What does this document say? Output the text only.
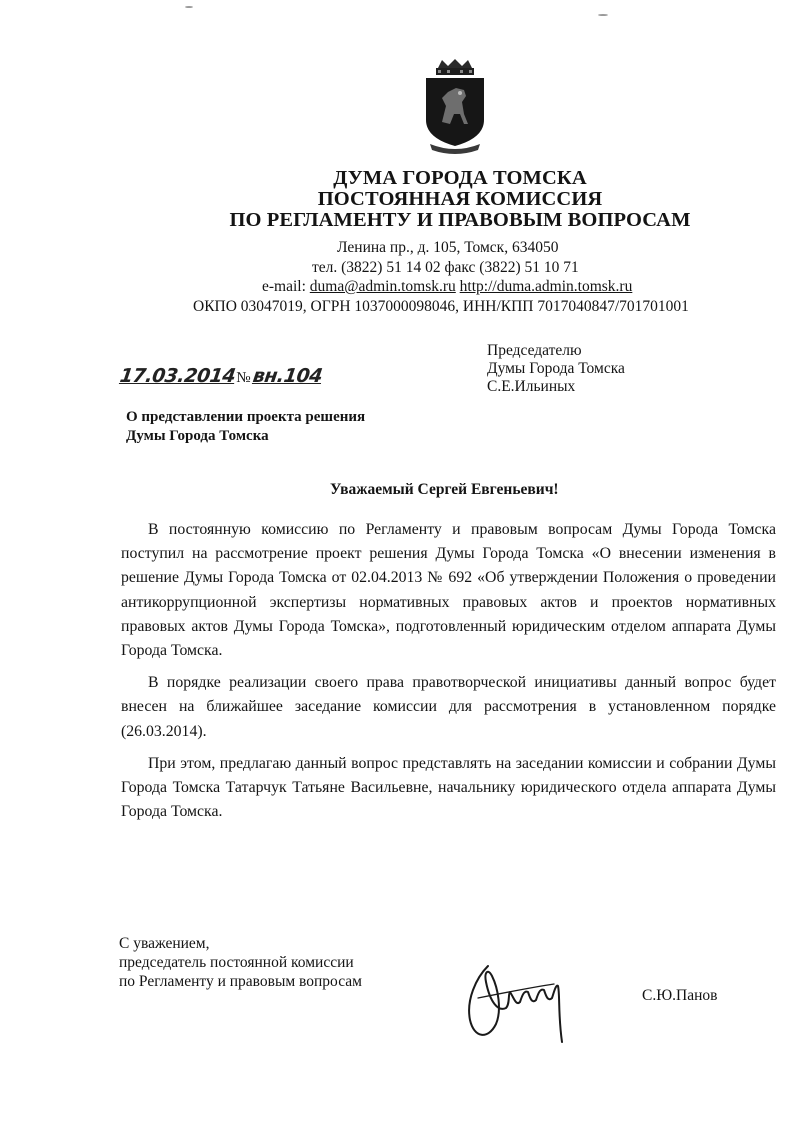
ДУМА ГОРОДА ТОМСКА
ПОСТОЯННАЯ КОМИССИЯ
ПО РЕГЛАМЕНТУ И ПРАВОВЫМ ВОПРОСАМ
Ленина пр., д. 105, Томск, 634050
тел. (3822) 51 14 02 факс (3822) 51 10 71
e-mail: duma@admin.tomsk.ru http://duma.admin.tomsk.ru
ОКПО 03047019, ОГРН 1037000098046, ИНН/КПП 7017040847/701701001
Председателю
Думы Города Томска
С.Е.Ильиных
17.03.2014 № вн.104
О представлении проекта решения
Думы Города Томска
Уважаемый Сергей Евгеньевич!

В постоянную комиссию по Регламенту и правовым вопросам Думы Города Томска поступил на рассмотрение проект решения Думы Города Томска «О внесении изменения в решение Думы Города Томска от 02.04.2013 № 692 «Об утверждении Положения о проведении антикоррупционной экспертизы нормативных правовых актов и проектов нормативных правовых актов Думы Города Томска», подготовленный юридическим отделом аппарата Думы Города Томска.

В порядке реализации своего права правотворческой инициативы данный вопрос будет внесен на ближайшее заседание комиссии для рассмотрения в установленном порядке (26.03.2014).

При этом, предлагаю данный вопрос представлять на заседании комиссии и собрании Думы Города Томска Татарчук Татьяне Васильевне, начальнику юридического отдела аппарата Думы Города Томска.

С уважением,
председатель постоянной комиссии
по Регламенту и правовым вопросам
С.Ю.Панов
